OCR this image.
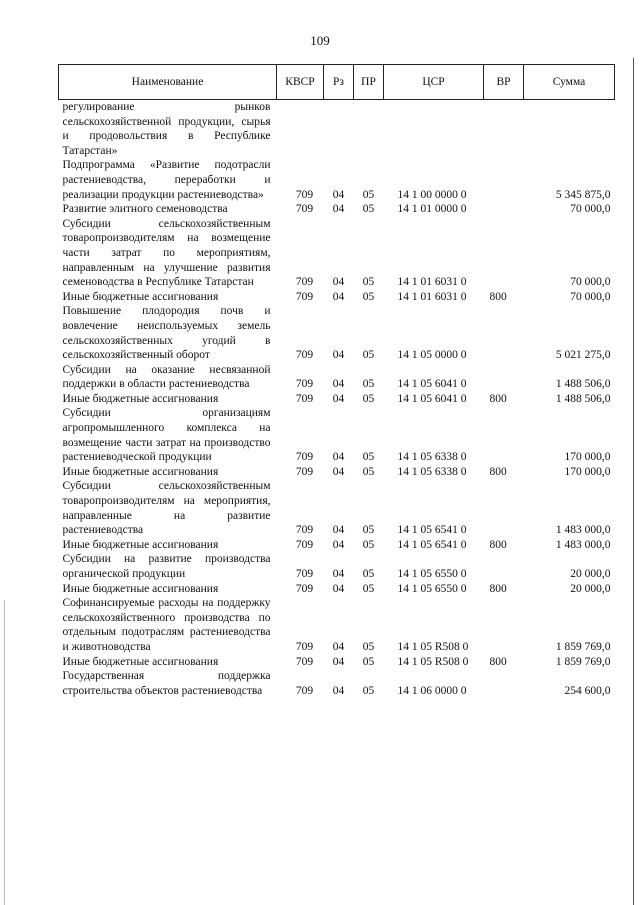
109
Наименование	КВСР	Рз	ПР	ЦСР	ВР	Сумма
регулирование рынков сельскохозяйственной продукции, сырья и продовольствия в Республике Татарстан»						
Подпрограмма «Развитие подотрасли растениеводства, переработки и реализации продукции растениеводства»	709	04	05	14 1 00 0000 0		5 345 875,0
Развитие элитного семеноводства	709	04	05	14 1 01 0000 0		70 000,0
Субсидии сельскохозяйственным товаропроизводителям на возмещение части затрат по мероприятиям, направленным на улучшение развития семеноводства в Республике Татарстан	709	04	05	14 1 01 6031 0		70 000,0
Иные бюджетные ассигнования	709	04	05	14 1 01 6031 0	800	70 000,0
Повышение плодородия почв и вовлечение неиспользуемых земель сельскохозяйственных угодий в сельскохозяйственный оборот	709	04	05	14 1 05 0000 0		5 021 275,0
Субсидии на оказание несвязанной поддержки в области растениеводства	709	04	05	14 1 05 6041 0		1 488 506,0
Иные бюджетные ассигнования	709	04	05	14 1 05 6041 0	800	1 488 506,0
Субсидии организациям агропромышленного комплекса на возмещение части затрат на производство растениеводческой продукции	709	04	05	14 1 05 6338 0		170 000,0
Иные бюджетные ассигнования	709	04	05	14 1 05 6338 0	800	170 000,0
Субсидии сельскохозяйственным товаропроизводителям на мероприятия, направленные на развитие растениеводства	709	04	05	14 1 05 6541 0		1 483 000,0
Иные бюджетные ассигнования	709	04	05	14 1 05 6541 0	800	1 483 000,0
Субсидии на развитие производства органической продукции	709	04	05	14 1 05 6550 0		20 000,0
Иные бюджетные ассигнования	709	04	05	14 1 05 6550 0	800	20 000,0
Софинансируемые расходы на поддержку сельскохозяйственного производства по отдельным подотраслям растениеводства и животноводства	709	04	05	14 1 05 R508 0		1 859 769,0
Иные бюджетные ассигнования	709	04	05	14 1 05 R508 0	800	1 859 769,0
Государственная поддержка строительства объектов растениеводства	709	04	05	14 1 06 0000 0		254 600,0
